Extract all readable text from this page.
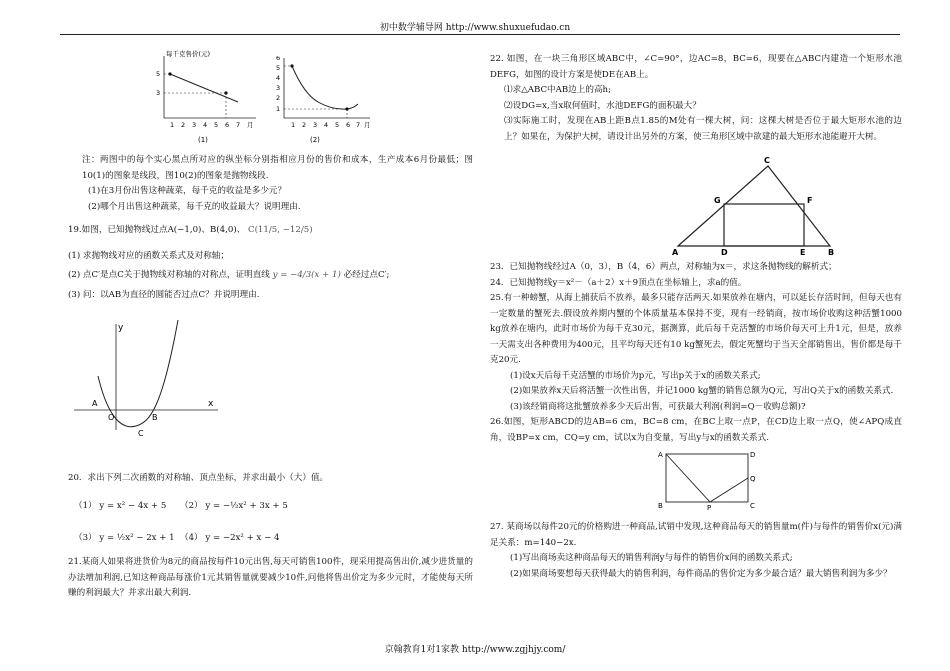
初中数学辅导网 http://www.shuxuefudao.cn
每千克售价(元)
5
3
1 2 3 4 5 6 7 月
(1)
6
5
4
3
2
1
1 2 3 4 5 6 7 月
(2)

注：两图中的每个实心黑点所对应的纵坐标分别指相应月份的售价和成本，生产成本6月份最低；图10(1)的图象是线段，图10(2)的图象是抛物线段.

(1)在3月份出售这种蔬菜，每千克的收益是多少元？

(2)哪个月出售这种蔬菜，每千克的收益最大？说明理由.

19.如图，已知抛物线过点A(−1,0)、B(4,0)、 C(11/5, −12/5)

(1) 求抛物线对应的函数关系式及对称轴；

(2) 点C′是点C关于抛物线对称轴的对称点，证明直线 y = −4/3(x + 1) 必经过点C′;

(3) 问：以AB为直径的圆能否过点C？并说明理由.

y
x
A
O	B
C
20．求出下列二次函数的对称轴、顶点坐标，并求出最小（大）值。
（1） y = x² − 4x + 5 （2） y = −½x² + 3x + 5
（3） y = ½x² − 2x + 1 （4） y = −2x² + x − 4
21.某商人如果将进货价为8元的商品按每件10元出售,每天可销售100件，现采用提高售出价,减少进货量的办法增加利润,已知这种商品每涨价1元其销售量就要减少10件,问他将售出价定为多少元时，才能使每天所赚的利润最大？并求出最大利润.

22. 如图，在一块三角形区域ABC中，∠C=90°，边AC=8，BC=6，现要在△ABC内建造一个矩形水池DEFG，如图的设计方案是使DE在AB上。

⑴求△ABC中AB边上的高h;

⑵设DG=x,当x取何值时，水池DEFG的面积最大？

⑶实际施工时，发现在AB上距B点1.85的M处有一棵大树，问：这棵大树是否位于最大矩形水池的边上？如果在，为保护大树，请设计出另外的方案，使三角形区域中欲建的最大矩形水池能避开大树。

C
G	F
A	D	E	B

23．已知抛物线经过A（0，3），B（4，6）两点，对称轴为x＝，求这条抛物线的解析式；

24．已知抛物线y＝x²－（a＋2）x＋9顶点在坐标轴上，求a的值。

25.有一种螃蟹，从海上捕获后不放养，最多只能存活两天.如果放养在塘内，可以延长存活时间，但每天也有一定数量的蟹死去.假设放养期内蟹的个体质量基本保持不变，现有一经销商，按市场价收购这种活蟹1000 kg放养在塘内，此时市场价为每千克30元，据测算，此后每千克活蟹的市场价每天可上升1元，但是，放养一天需支出各种费用为400元，且平均每天还有10 kg蟹死去，假定死蟹均于当天全部销售出，售价都是每千克20元.

(1)设x天后每千克活蟹的市场价为p元，写出p关于x的函数关系式;

(2)如果放养x天后将活蟹一次性出售，并记1000 kg蟹的销售总额为Q元，写出Q关于x的函数关系式.

(3)该经销商将这批蟹放养多少天后出售，可获最大利润(利润=Q－收购总额)?

26.如图，矩形ABCD的边AB=6 cm，BC=8 cm，在BC上取一点P，在CD边上取一点Q，使∠APQ成直角，设BP=x cm，CQ=y cm，试以x为自变量，写出y与x的函数关系式.

A	D
Q
B	P	C

27. 某商场以每件20元的价格购进一种商品,试销中发现,这种商品每天的销售量m(件)与每件的销售价x(元)满足关系：m=140−2x.

(1)写出商场卖这种商品每天的销售利润y与每件的销售价x间的函数关系式;

(2)如果商场要想每天获得最大的销售利润，每件商品的售价定为多少最合适？最大销售利润为多少？

京翰教育1对1家教 http://www.zgjhjy.com/
